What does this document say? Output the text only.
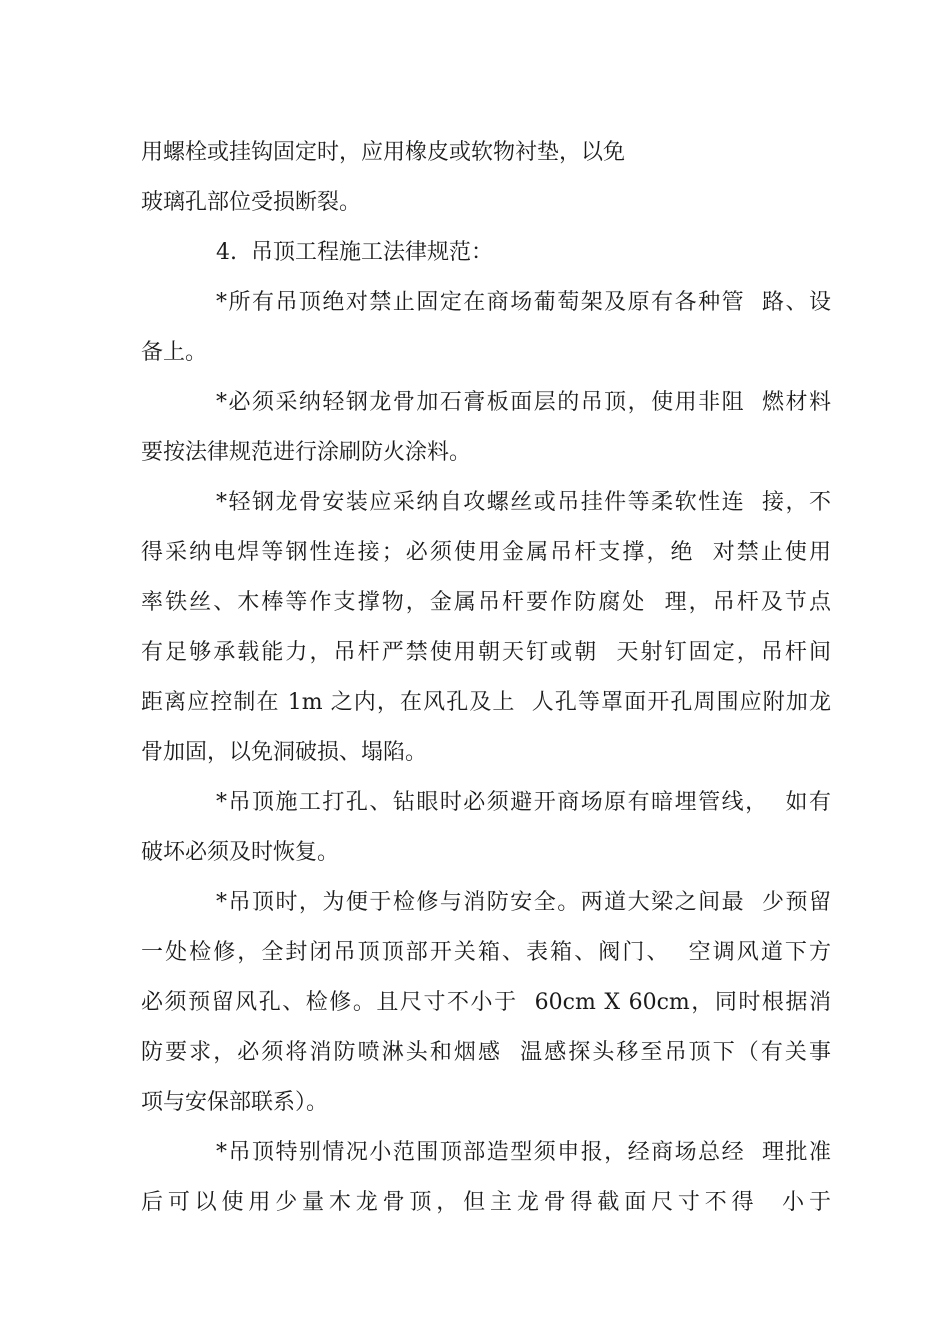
用螺栓或挂钩固定时，应用橡皮或软物衬垫，以免
玻璃孔部位受损断裂。
4.  吊顶工程施工法律规范：
*所有吊顶绝对禁止固定在商场葡萄架及原有各种管  路、设
备上。
*必须采纳轻钢龙骨加石膏板面层的吊顶，使用非阻  燃材料
要按法律规范进行涂刷防火涂料。
*轻钢龙骨安装应采纳自攻螺丝或吊挂件等柔软性连  接，不
得采纳电焊等钢性连接；必须使用金属吊杆支撑，绝  对禁止使用
率铁丝、木棒等作支撑物，金属吊杆要作防腐处  理，吊杆及节点
有足够承载能力，吊杆严禁使用朝天钉或朝  天射钉固定，吊杆间
距离应控制在 1m 之内，在风孔及上  人孔等罩面开孔周围应附加龙
骨加固，以免洞破损、塌陷。
*吊顶施工打孔、钻眼时必须避开商场原有暗埋管线，  如有
破坏必须及时恢复。
*吊顶时，为便于检修与消防安全。两道大梁之间最  少预留
一处检修，全封闭吊顶顶部开关箱、表箱、阀门、  空调风道下方
必须预留风孔、检修。且尺寸不小于  60cm X 60cm，同时根据消
防要求，必须将消防喷淋头和烟感  温感探头移至吊顶下（有关事
项与安保部联系）。
*吊顶特别情况小范围顶部造型须申报，经商场总经  理批准
后可以使用少量木龙骨顶，但主龙骨得截面尺寸不得  小于
